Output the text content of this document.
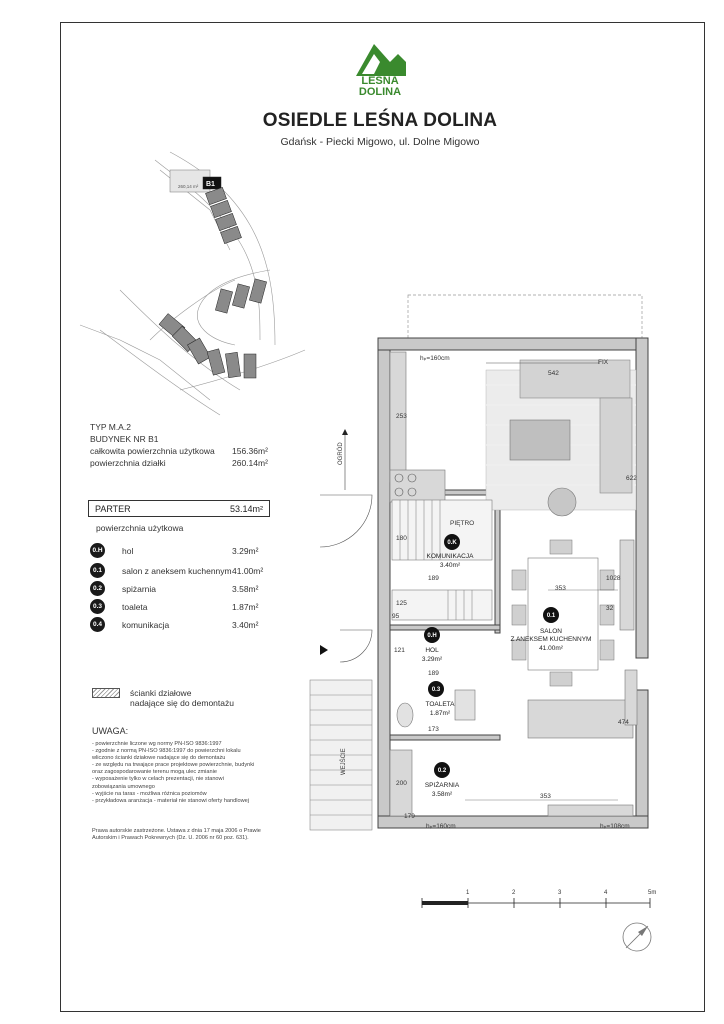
LEŚNA
DOLINA
OSIEDLE LEŚNA DOLINA
Gdańsk - Piecki Migowo, ul. Dolne Migowo
260,14 m² B1
TYP M.A.2
BUDYNEK NR B1
całkowita powierzchnia użytkowa 156.36m²
powierzchnia działki	260.14m²
PARTER	53.14m²
powierzchnia użytkowa
0.H hol	3.29m²
0.1	salon z aneksem kuchennym 41.00m²
0.2	spiżarnia	3.58m²
0.3	toaleta	1.87m²
0.4	komunikacja	3.40m²
ścianki działowe
nadające się do demontażu
UWAGA:
- powierzchnie liczone wg normy PN-ISO 9836:1997
- zgodnie z normą PN-ISO 9836:1997 do powierzchni lokalu
wliczono ścianki działowe nadające się do demontażu
- ze względu na trwające prace projektowe powierzchnie, budynki
oraz zagospodarowanie terenu mogą ulec zmianie
- wyposażenie tylko w celach prezentacji, nie stanowi
zobowiązania umownego
- wyjście na taras - możliwa różnica poziomów
- przykładowa aranżacja - materiał nie stanowi oferty handlowej
Prawa autorskie zastrzeżone. Ustawa z dnia 17 maja 2006 o Prawie
Autorskim i Prawach Pokrewnych (Dz. U. 2006 nr 60 poz. 631).
542
FIX
353
353
622
1028
32
474
253
189
189
173
179
200
121
125
95
180
hₚ=160cm
hₚ=160cm	hₚ=108cm
PIĘTRO
OGRÓD
WEJŚCIE
0.1
SALON
Z ANEKSEM KUCHENNYM
41.00m²
0.K
KOMUNIKACJA
3.40m²
0.H
HOL
3.29m²
0.3
TOALETA
1.87m²
0.2
SPIŻARNIA
3.58m²
1	2	3	4	5m
